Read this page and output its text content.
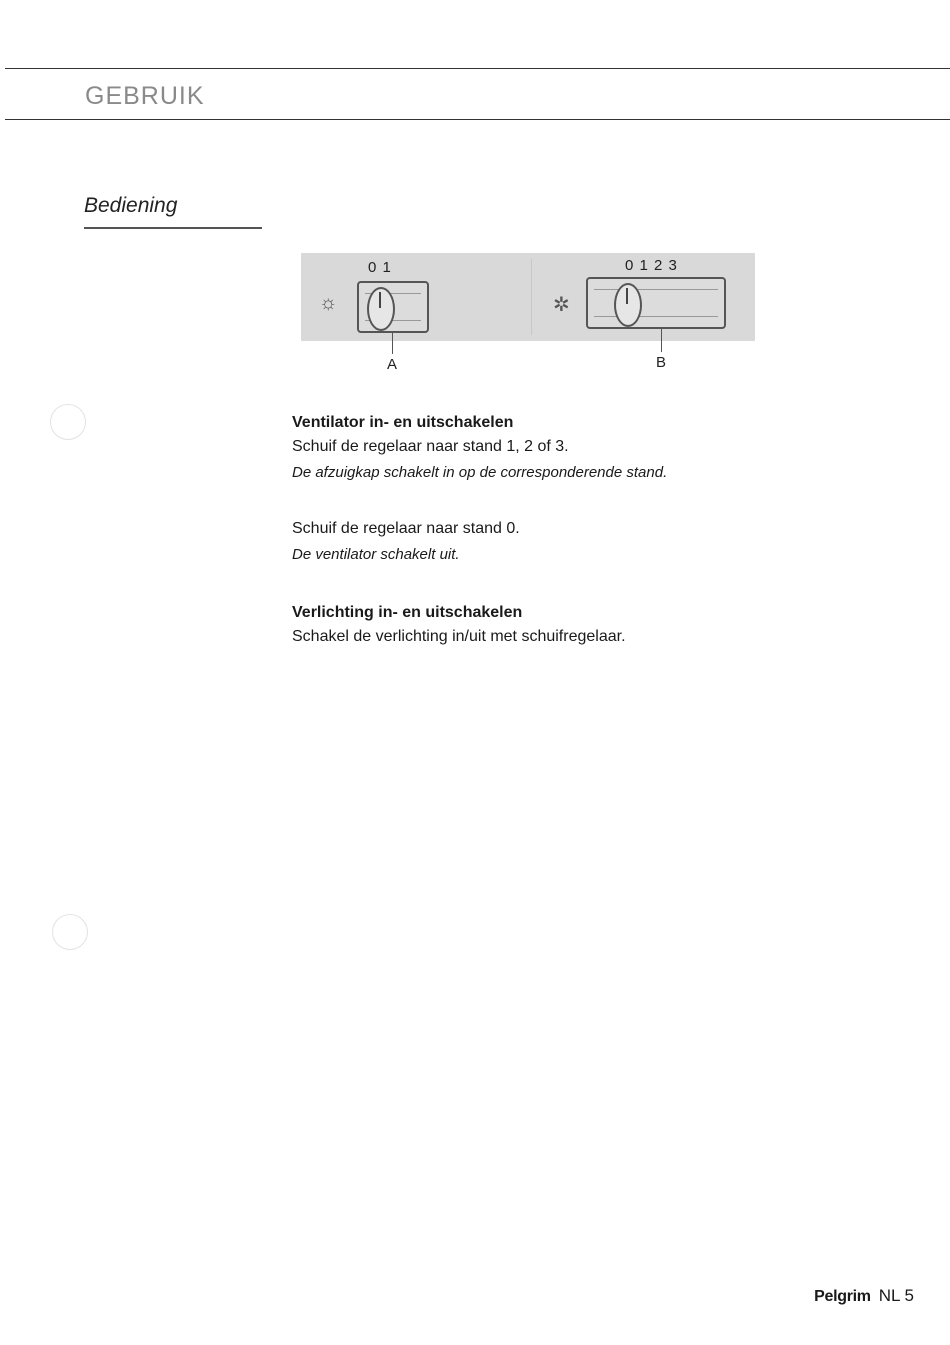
GEBRUIK
Bediening
0 1
☼
0 1 2 3
✲
A	B

Ventilator in- en uitschakelen

Schuif de regelaar naar stand 1, 2 of 3.

De afzuigkap schakelt in op de corresponderende stand.

Schuif de regelaar naar stand 0.

De ventilator schakelt uit.

Verlichting in- en uitschakelen

Schakel de verlichting in/uit met schuifregelaar.

Pelgrim NL 5
